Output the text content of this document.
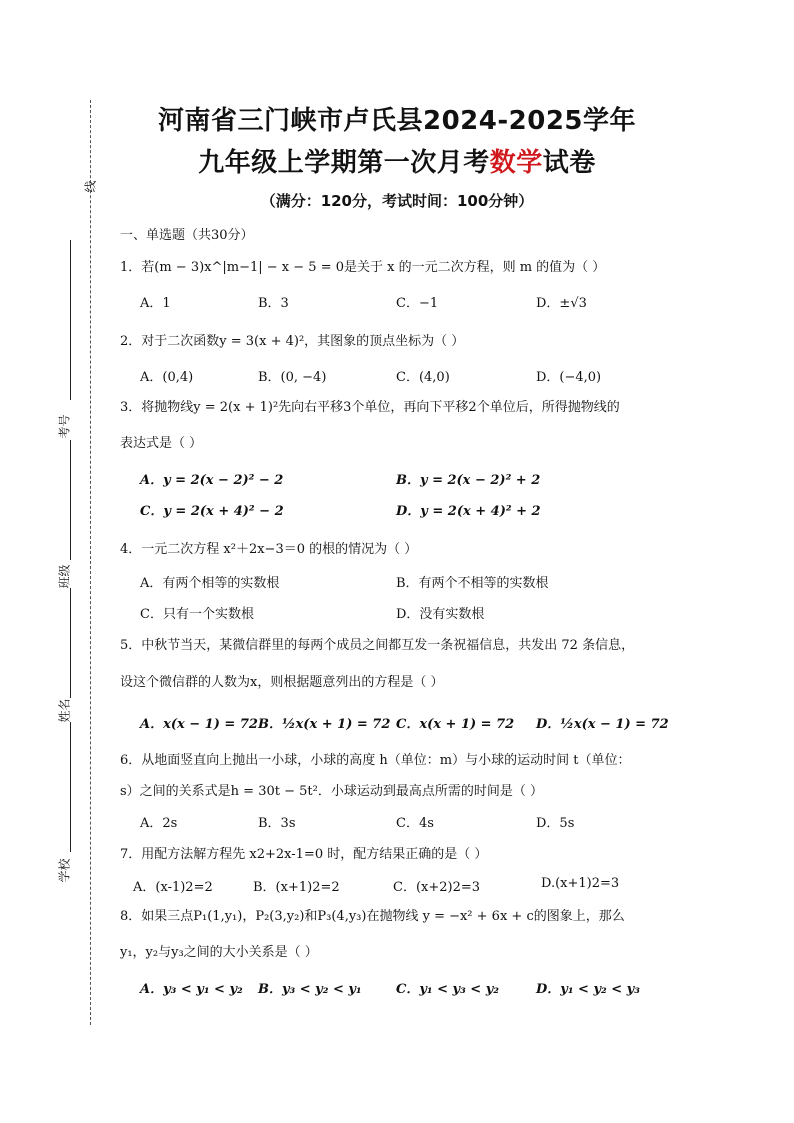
线
考号
班级
姓名
学校
河南省三门峡市卢氏县2024-2025学年
九年级上学期第一次月考数学试卷
（满分：120分，考试时间：100分钟）
一、单选题（共30分）
1．若(m − 3)x^|m−1| − x − 5 = 0是关于 x 的一元二次方程，则 m 的值为（ ）
A．1	B．3	C．−1	D．±√3
2．对于二次函数y = 3(x + 4)²，其图象的顶点坐标为（ ）
A．(0,4)	B．(0, −4)	C．(4,0)	D．(−4,0)
3．将抛物线y = 2(x + 1)²先向右平移3个单位，再向下平移2个单位后，所得抛物线的
表达式是（ ）
A．y = 2(x − 2)² − 2	B．y = 2(x − 2)² + 2
C．y = 2(x + 4)² − 2	D．y = 2(x + 4)² + 2
4．一元二次方程 x²＋2x−3＝0 的根的情况为（ ）
A．有两个相等的实数根	B．有两个不相等的实数根
C．只有一个实数根	D．没有实数根
5．中秋节当天，某微信群里的每两个成员之间都互发一条祝福信息，共发出 72 条信息，
设这个微信群的人数为x，则根据题意列出的方程是（ ）
A．x(x − 1) = 72 B．½x(x + 1) = 72 C．x(x + 1) = 72 D．½x(x − 1) = 72
6．从地面竖直向上抛出一小球，小球的高度 h（单位：m）与小球的运动时间 t（单位：
s）之间的关系式是h = 30t − 5t²．小球运动到最高点所需的时间是（ ）
A．2s	B．3s	C．4s	D．5s
7．用配方法解方程先 x2+2x-1=0 时，配方结果正确的是（ ）
A．(x-1)2=2	B．(x+1)2=2	C．(x+2)2=3	D.(x+1)2=3
8．如果三点P₁(1,y₁)，P₂(3,y₂)和P₃(4,y₃)在抛物线 y = −x² + 6x + c的图象上，那么
y₁，y₂与y₃之间的大小关系是（ ）
A．y₃ < y₁ < y₂ B．y₃ < y₂ < y₁	C．y₁ < y₃ < y₂	D．y₁ < y₂ < y₃
